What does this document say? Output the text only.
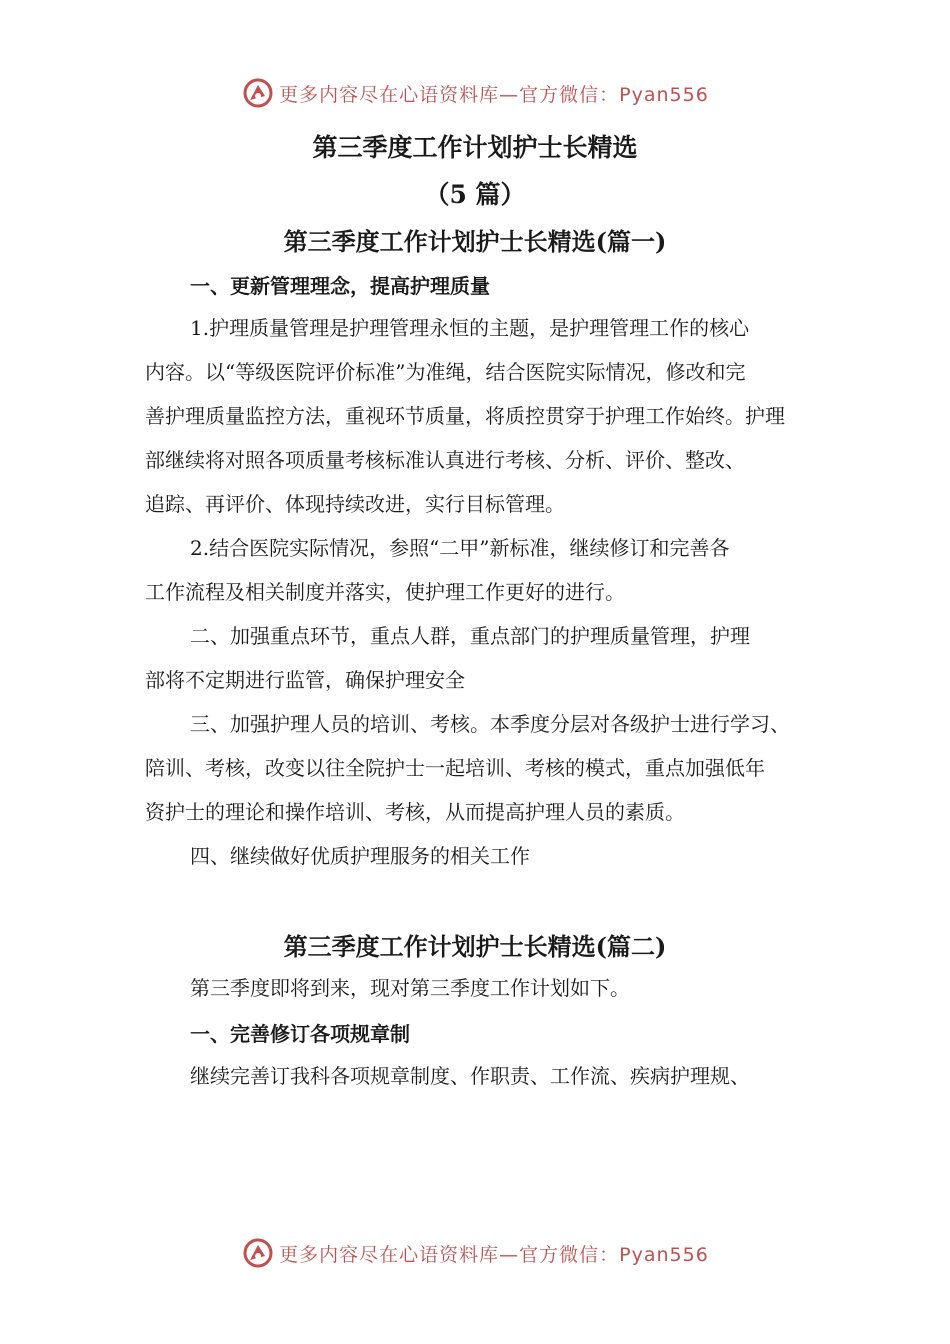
更多内容尽在心语资料库—官方微信：Pyan556
第三季度工作计划护士长精选
（5 篇）
第三季度工作计划护士长精选(篇一)
一、更新管理理念，提高护理质量
1.护理质量管理是护理管理永恒的主题，是护理管理工作的核心
内容。以“等级医院评价标准”为准绳，结合医院实际情况，修改和完
善护理质量监控方法，重视环节质量，将质控贯穿于护理工作始终。护理
部继续将对照各项质量考核标准认真进行考核、分析、评价、整改、
追踪、再评价、体现持续改进，实行目标管理。
2.结合医院实际情况，参照“二甲”新标准，继续修订和完善各
工作流程及相关制度并落实，使护理工作更好的进行。
二、加强重点环节，重点人群，重点部门的护理质量管理，护理
部将不定期进行监管，确保护理安全
三、加强护理人员的培训、考核。本季度分层对各级护士进行学习、
陪训、考核，改变以往全院护士一起培训、考核的模式，重点加强低年
资护士的理论和操作培训、考核，从而提高护理人员的素质。
四、继续做好优质护理服务的相关工作
第三季度工作计划护士长精选(篇二)
第三季度即将到来，现对第三季度工作计划如下。
一、完善修订各项规章制
继续完善订我科各项规章制度、作职责、工作流、疾病护理规、
更多内容尽在心语资料库—官方微信：Pyan556
